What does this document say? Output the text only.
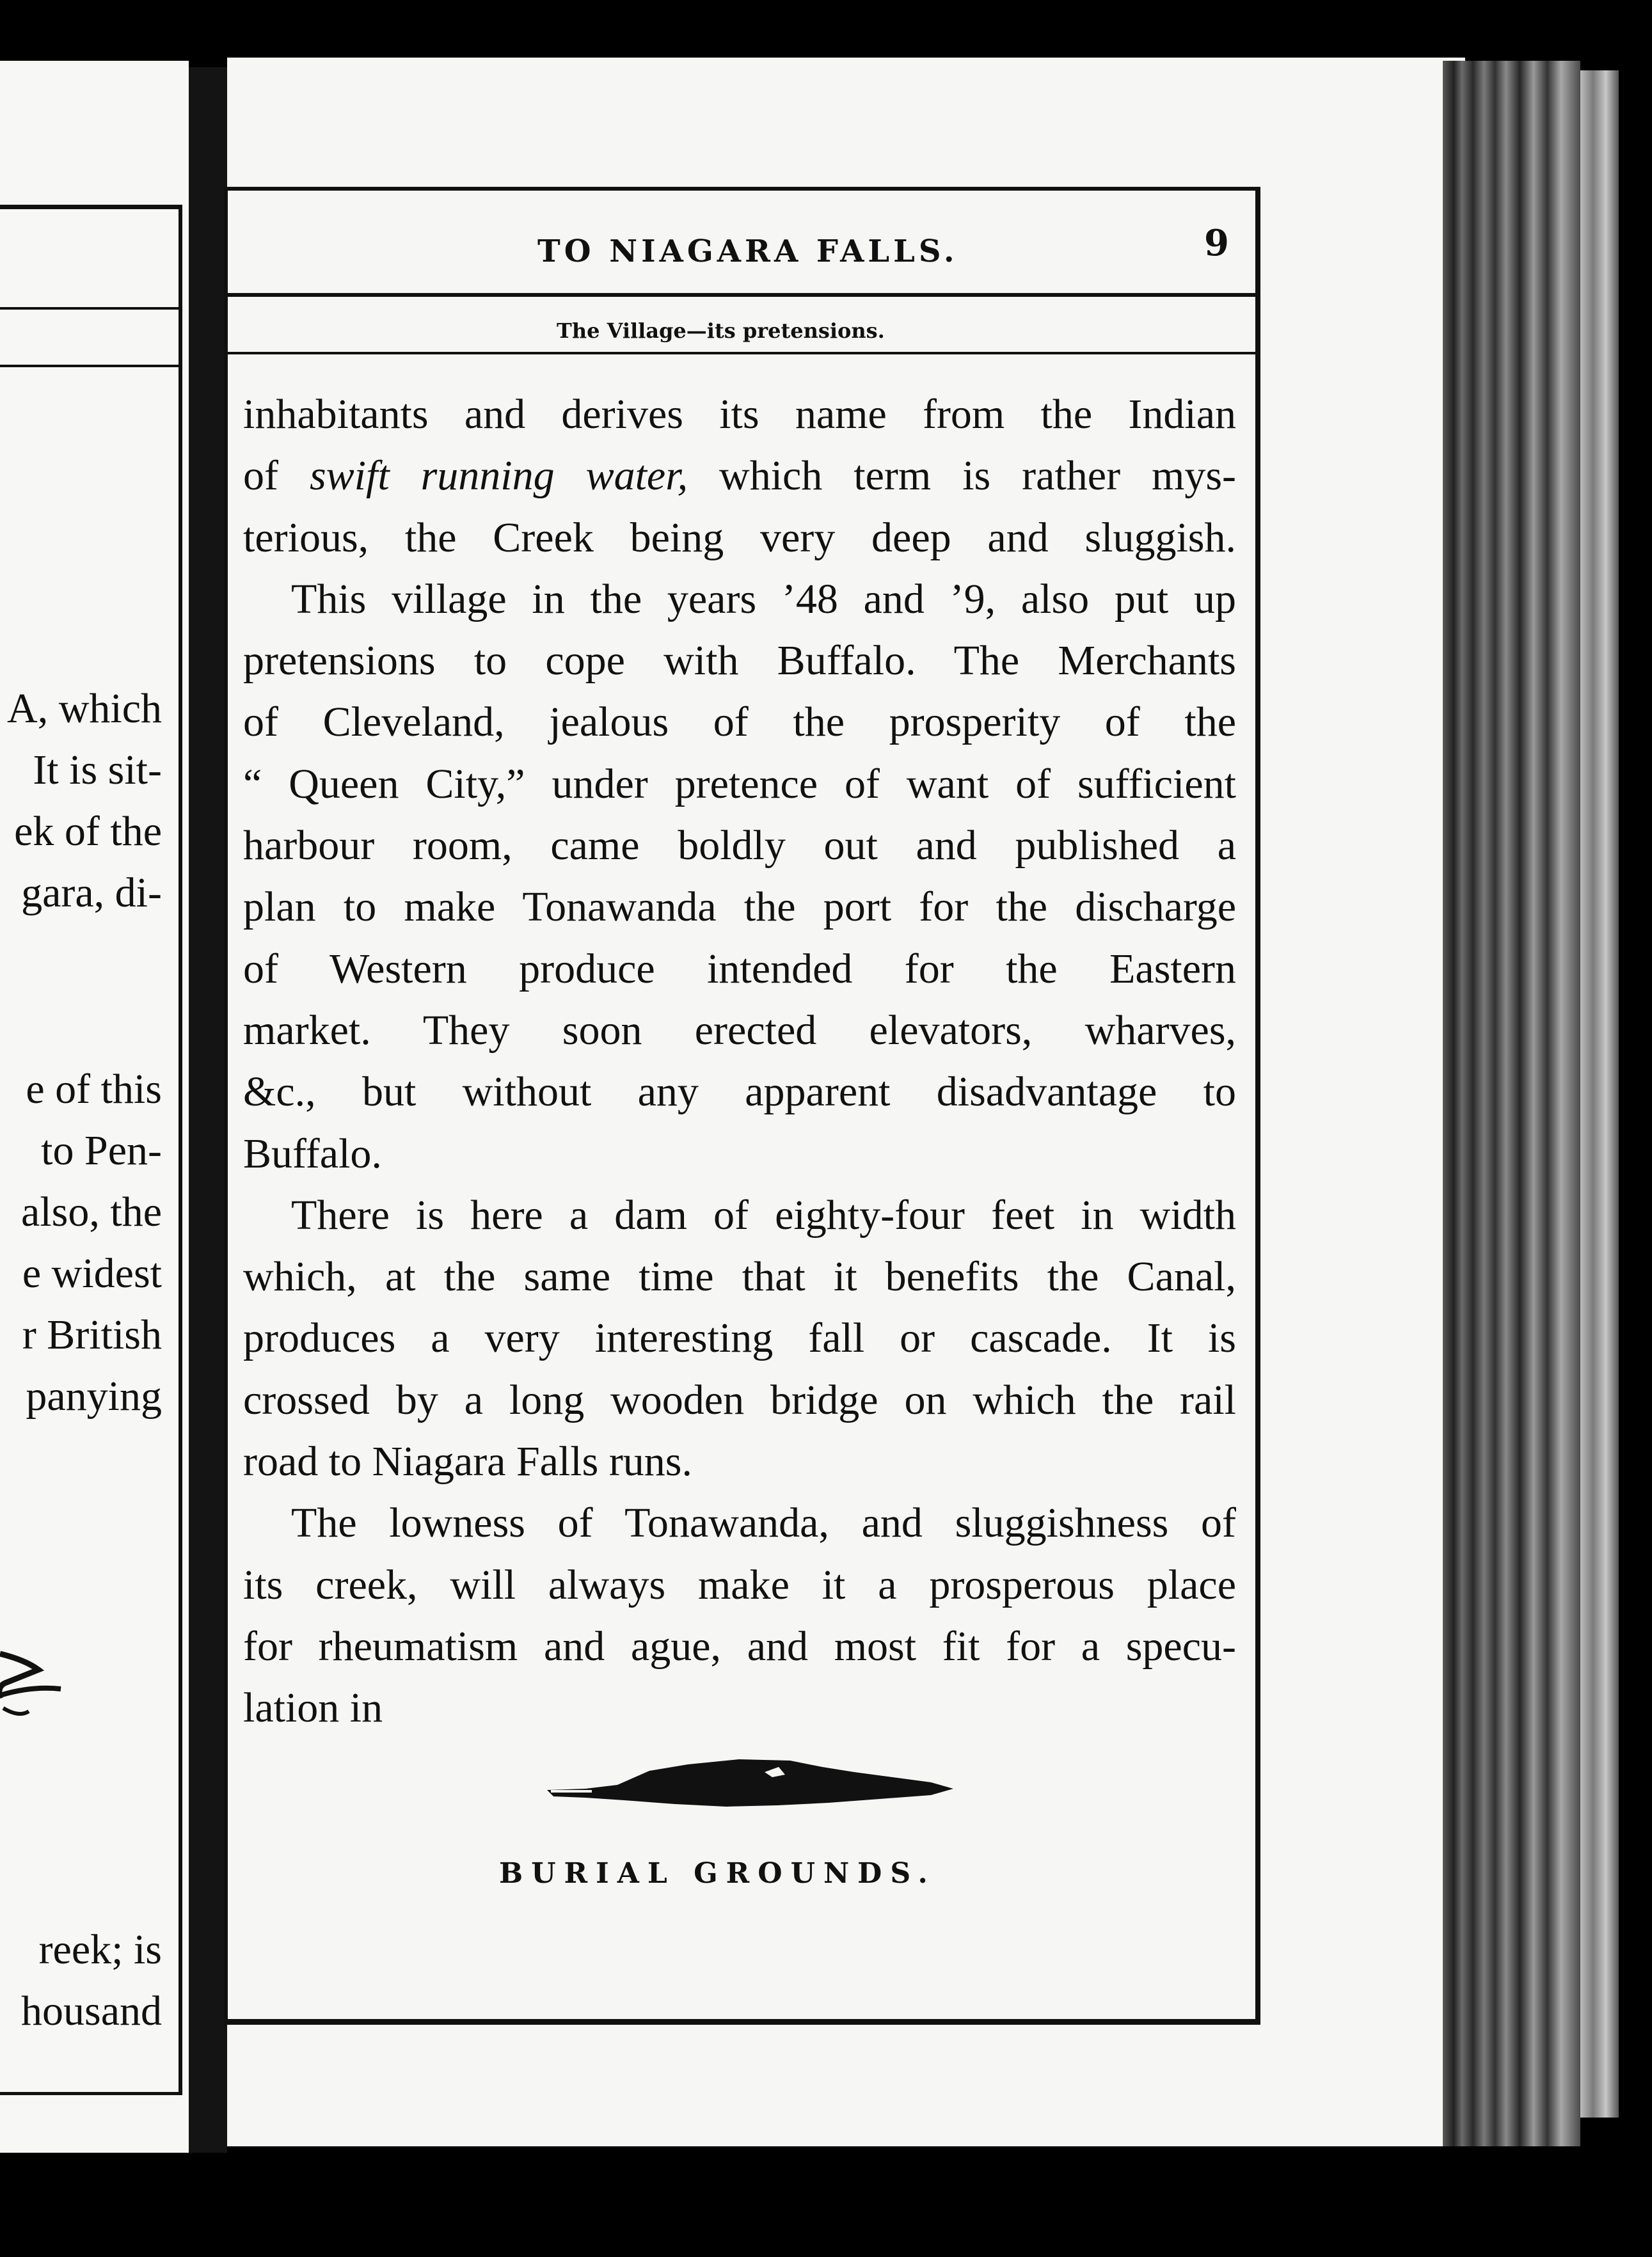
A, which

It is sit-

ek of the

gara, di-

e of this

to Pen-

also, the

e widest

r British

panying

reek; is

housand

TO NIAGARA FALLS.	9

The Village—its pretensions.

inhabitants and derives its name from the Indian
of swift running water, which term is rather mys-
terious, the Creek being very deep and sluggish.
This village in the years ’48 and ’9, also put up
pretensions to cope with Buffalo. The Merchants
of Cleveland, jealous of the prosperity of the
“ Queen City,” under pretence of want of sufficient
harbour room, came boldly out and published a
plan to make Tonawanda the port for the discharge
of Western produce intended for the Eastern
market. They soon erected elevators, wharves,
&c., but without any apparent disadvantage to
Buffalo.
There is here a dam of eighty-four feet in width
which, at the same time that it benefits the Canal,
produces a very interesting fall or cascade. It is
crossed by a long wooden bridge on which the rail
road to Niagara Falls runs.
The lowness of Tonawanda, and sluggishness of
its creek, will always make it a prosperous place
for rheumatism and ague, and most fit for a specu-
lation in

BURIAL GROUNDS.
